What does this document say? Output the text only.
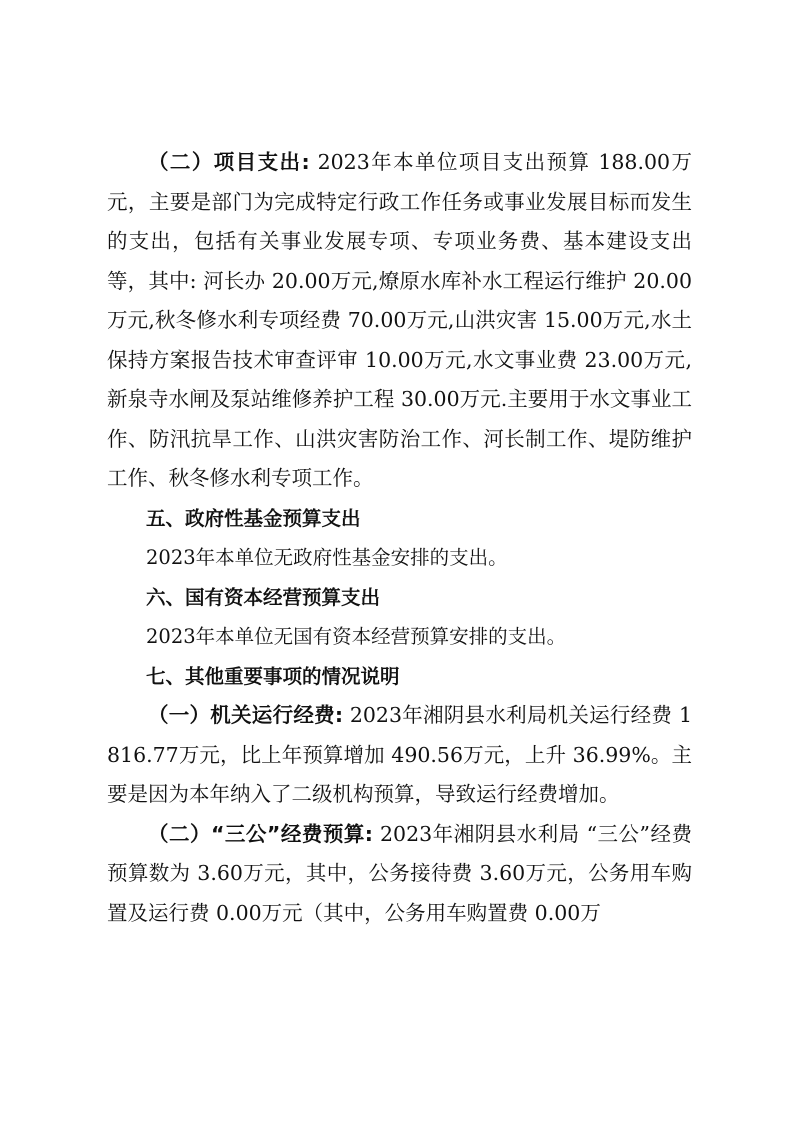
（二）项目支出: 2023年本单位项目支出预算 188.00万元，主要是部门为完成特定行政工作任务或事业发展目标而发生的支出，包括有关事业发展专项、专项业务费、基本建设支出等，其中: 河长办 20.00万元,燎原水库补水工程运行维护 20.00万元,秋冬修水利专项经费 70.00万元,山洪灾害 15.00万元,水土保持方案报告技术审查评审 10.00万元,水文事业费 23.00万元,新泉寺水闸及泵站维修养护工程 30.00万元.主要用于水文事业工作、防汛抗旱工作、山洪灾害防治工作、河长制工作、堤防维护工作、秋冬修水利专项工作。

五、政府性基金预算支出

2023年本单位无政府性基金安排的支出。

六、国有资本经营预算支出

2023年本单位无国有资本经营预算安排的支出。

七、其他重要事项的情况说明

（一）机关运行经费: 2023年湘阴县水利局机关运行经费 1816.77万元，比上年预算增加 490.56万元，上升 36.99%。主要是因为本年纳入了二级机构预算，导致运行经费增加。

（二）“三公”经费预算: 2023年湘阴县水利局 “三公”经费预算数为 3.60万元，其中，公务接待费 3.60万元，公务用车购置及运行费 0.00万元（其中，公务用车购置费 0.00万
